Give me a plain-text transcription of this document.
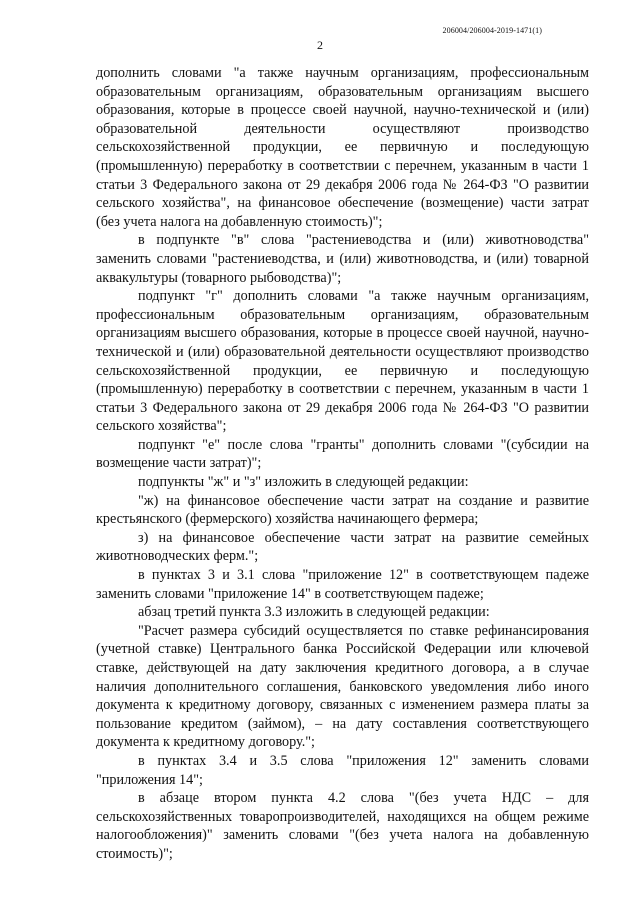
206004/206004-2019-1471(1)
2

дополнить словами "а также научным организациям, профессиональным образовательным организациям, образовательным организациям высшего образования, которые в процессе своей научной, научно-технической и (или) образовательной деятельности осуществляют производство сельскохозяйственной продукции, ее первичную и последующую (промышленную) переработку в соответствии с перечнем, указанным в части 1 статьи 3 Федерального закона от 29 декабря 2006 года № 264-ФЗ "О развитии сельского хозяйства", на финансовое обеспечение (возмещение) части затрат (без учета налога на добавленную стоимость)";

в подпункте "в" слова "растениеводства и (или) животноводства" заменить словами "растениеводства, и (или) животноводства, и (или) товарной аквакультуры (товарного рыбоводства)";

подпункт "г" дополнить словами "а также научным организациям, профессиональным образовательным организациям, образовательным организациям высшего образования, которые в процессе своей научной, научно-технической и (или) образовательной деятельности осуществляют производство сельскохозяйственной продукции, ее первичную и последующую (промышленную) переработку в соответствии с перечнем, указанным в части 1 статьи 3 Федерального закона от 29 декабря 2006 года № 264-ФЗ "О развитии сельского хозяйства";

подпункт "е" после слова "гранты" дополнить словами "(субсидии на возмещение части затрат)";

подпункты "ж" и "з" изложить в следующей редакции:

"ж) на финансовое обеспечение части затрат на создание и развитие крестьянского (фермерского) хозяйства начинающего фермера;

з) на финансовое обеспечение части затрат на развитие семейных животноводческих ферм.";

в пунктах 3 и 3.1 слова "приложение 12" в соответствующем падеже заменить словами "приложение 14" в соответствующем падеже;

абзац третий пункта 3.3 изложить в следующей редакции:

"Расчет размера субсидий осуществляется по ставке рефинансирования (учетной ставке) Центрального банка Российской Федерации или ключевой ставке, действующей на дату заключения кредитного договора, а в случае наличия дополнительного соглашения, банковского уведомления либо иного документа к кредитному договору, связанных с изменением размера платы за пользование кредитом (займом), – на дату составления соответствующего документа к кредитному договору.";

в пунктах 3.4 и 3.5 слова "приложения 12" заменить словами "приложения 14";

в абзаце втором пункта 4.2 слова "(без учета НДС – для сельскохозяйственных товаропроизводителей, находящихся на общем режиме налогообложения)" заменить словами "(без учета налога на добавленную стоимость)";
